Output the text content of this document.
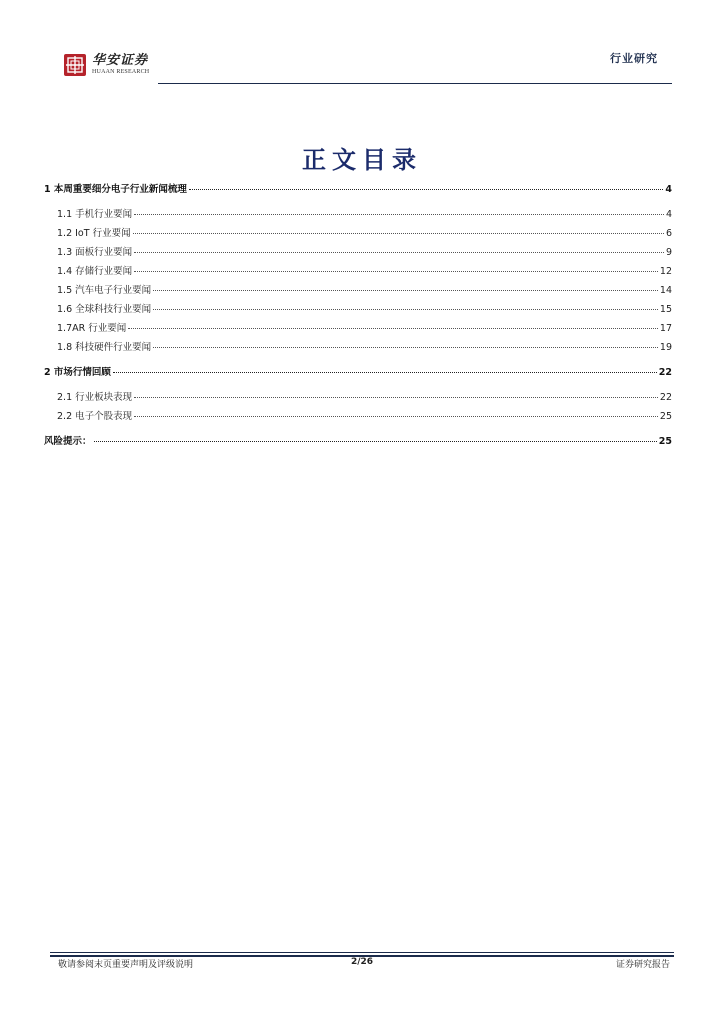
华安证券
HUAAN RESEARCH
行业研究
正文目录
1 本周重要细分电子行业新闻梳理	4
1.1 手机行业要闻	4
1.2 IoT 行业要闻	6
1.3 面板行业要闻	9
1.4 存储行业要闻	12
1.5 汽车电子行业要闻	14
1.6 全球科技行业要闻	15
1.7AR 行业要闻	17
1.8 科技硬件行业要闻	19
2 市场行情回顾	22
2.1 行业板块表现	22
2.2 电子个股表现	25
风险提示：	25
敬请参阅末页重要声明及评级说明	2/26	证券研究报告
